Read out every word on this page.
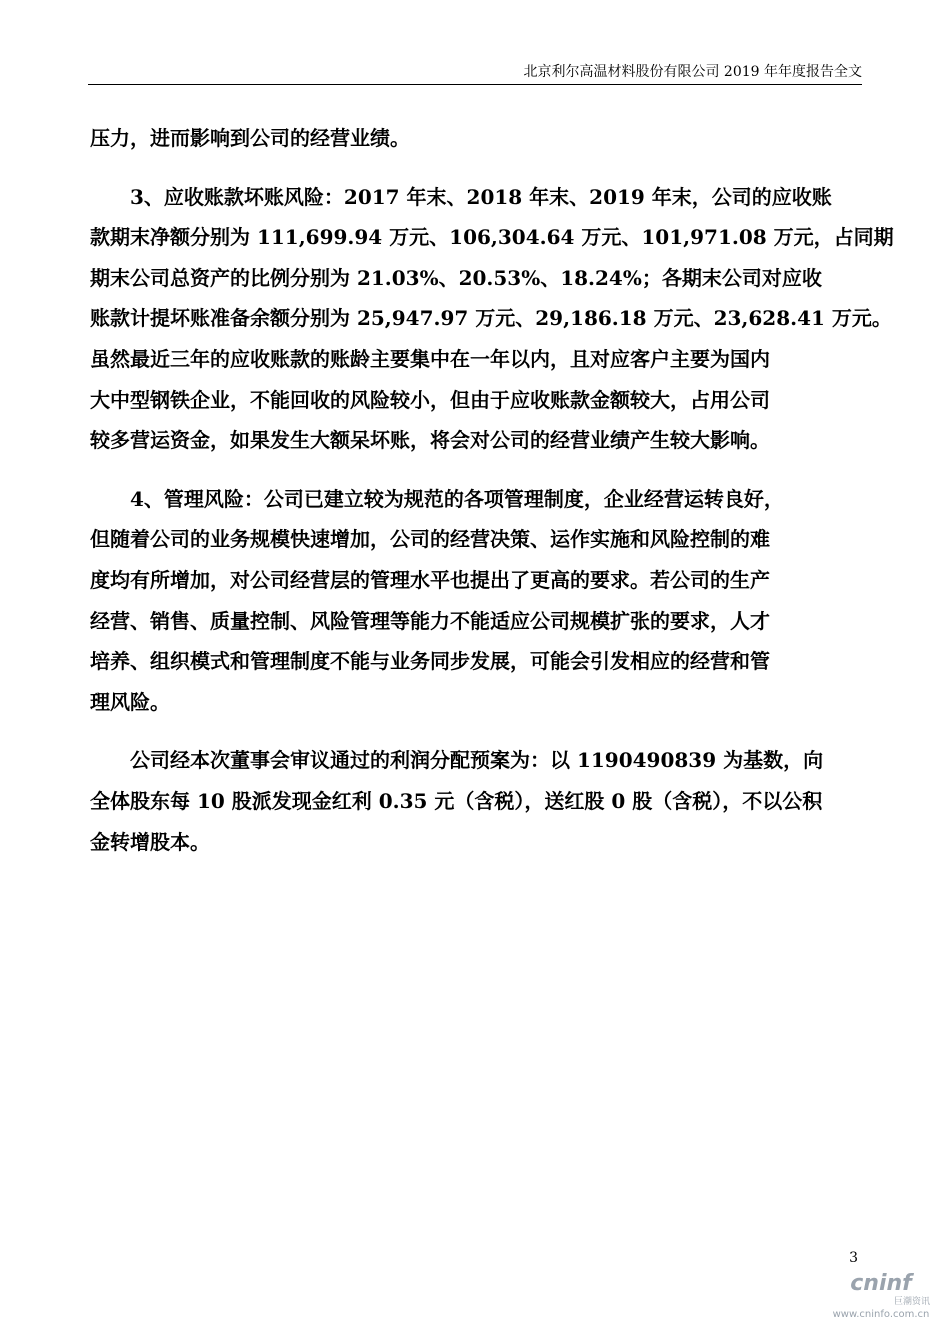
北京利尔高温材料股份有限公司 2019 年年度报告全文
压力，进而影响到公司的经营业绩。
　　3、应收账款坏账风险：2017 年末、2018 年末、2019 年末，公司的应收账
款期末净额分别为 111,699.94 万元、106,304.64 万元、101,971.08 万元，占同期
期末公司总资产的比例分别为 21.03%、20.53%、18.24%；各期末公司对应收
账款计提坏账准备余额分别为 25,947.97 万元、29,186.18 万元、23,628.41 万元。
虽然最近三年的应收账款的账龄主要集中在一年以内，且对应客户主要为国内
大中型钢铁企业，不能回收的风险较小，但由于应收账款金额较大，占用公司
较多营运资金，如果发生大额呆坏账，将会对公司的经营业绩产生较大影响。
　　4、管理风险：公司已建立较为规范的各项管理制度，企业经营运转良好，
但随着公司的业务规模快速增加，公司的经营决策、运作实施和风险控制的难
度均有所增加，对公司经营层的管理水平也提出了更高的要求。若公司的生产
经营、销售、质量控制、风险管理等能力不能适应公司规模扩张的要求，人才
培养、组织模式和管理制度不能与业务同步发展，可能会引发相应的经营和管
理风险。
　　公司经本次董事会审议通过的利润分配预案为：以 1190490839 为基数，向
全体股东每 10 股派发现金红利 0.35 元（含税），送红股 0 股（含税），不以公积
金转增股本。
3
cninf
巨潮资讯
www.cninfo.com.cn
